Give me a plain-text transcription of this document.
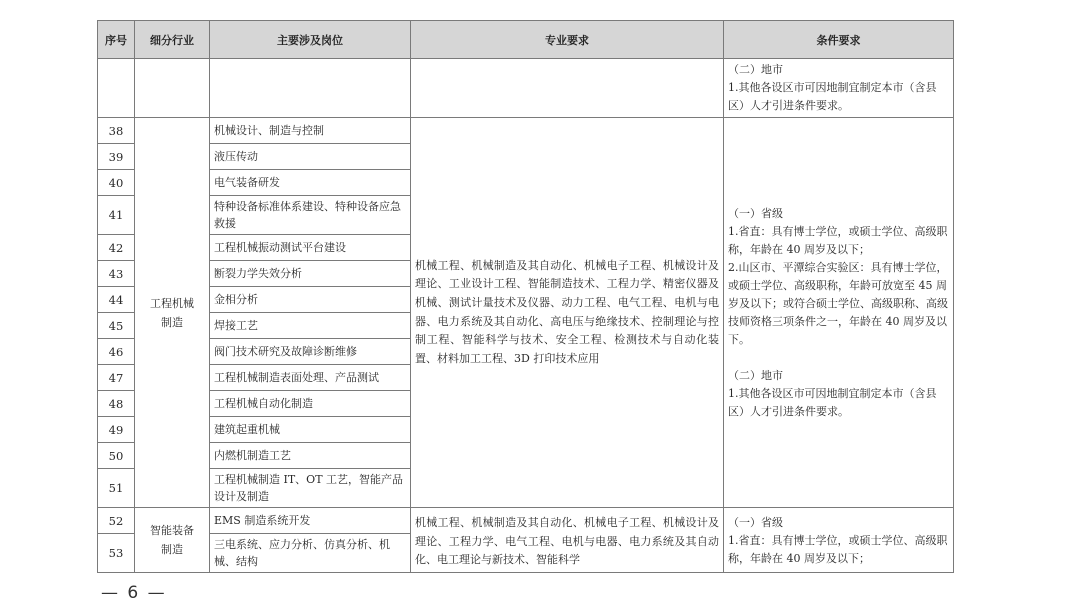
序号	细分行业	主要涉及岗位	专业要求	条件要求

				（二）地市
1.其他各设区市可因地制宜制定本市（含县区）人才引进条件要求。

38	工程机械制造	机械设计、制造与控制	机械工程、机械制造及其自动化、机械电子工程、机械设计及理论、工业设计工程、智能制造技术、工程力学、精密仪器及机械、测试计量技术及仪器、动力工程、电气工程、电机与电器、电力系统及其自动化、高电压与绝缘技术、控制理论与控制工程、智能科学与技术、安全工程、检测技术与自动化装置、材料加工工程、3D 打印技术应用	（一）省级
1.省直：具有博士学位，或硕士学位、高级职称，年龄在 40 周岁及以下；
2.山区市、平潭综合实验区：具有博士学位，或硕士学位、高级职称，年龄可放宽至 45 周岁及以下；或符合硕士学位、高级职称、高级技师资格三项条件之一，年龄在 40 周岁及以下。
（二）地市
1.其他各设区市可因地制宜制定本市（含县区）人才引进条件要求。

39		液压传动		
40		电气装备研发		
41		特种设备标准体系建设、特种设备应急救援		
42		工程机械振动测试平台建设		
43		断裂力学失效分析		
44		金相分析		
45		焊接工艺		
46		阀门技术研究及故障诊断维修		
47		工程机械制造表面处理、产品测试		
48		工程机械自动化制造		
49		建筑起重机械		
50		内燃机制造工艺		
51		工程机械制造 IT、OT 工艺，智能产品设计及制造		
52	智能装备制造	EMS 制造系统开发	机械工程、机械制造及其自动化、机械电子工程、机械设计及理论、工程力学、电气工程、电机与电器、电力系统及其自动化、电工理论与新技术、智能科学	（一）省级
1.省直：具有博士学位，或硕士学位、高级职称，年龄在 40 周岁及以下；

53		三电系统、应力分析、仿真分析、机械、结构		
— 6 —
